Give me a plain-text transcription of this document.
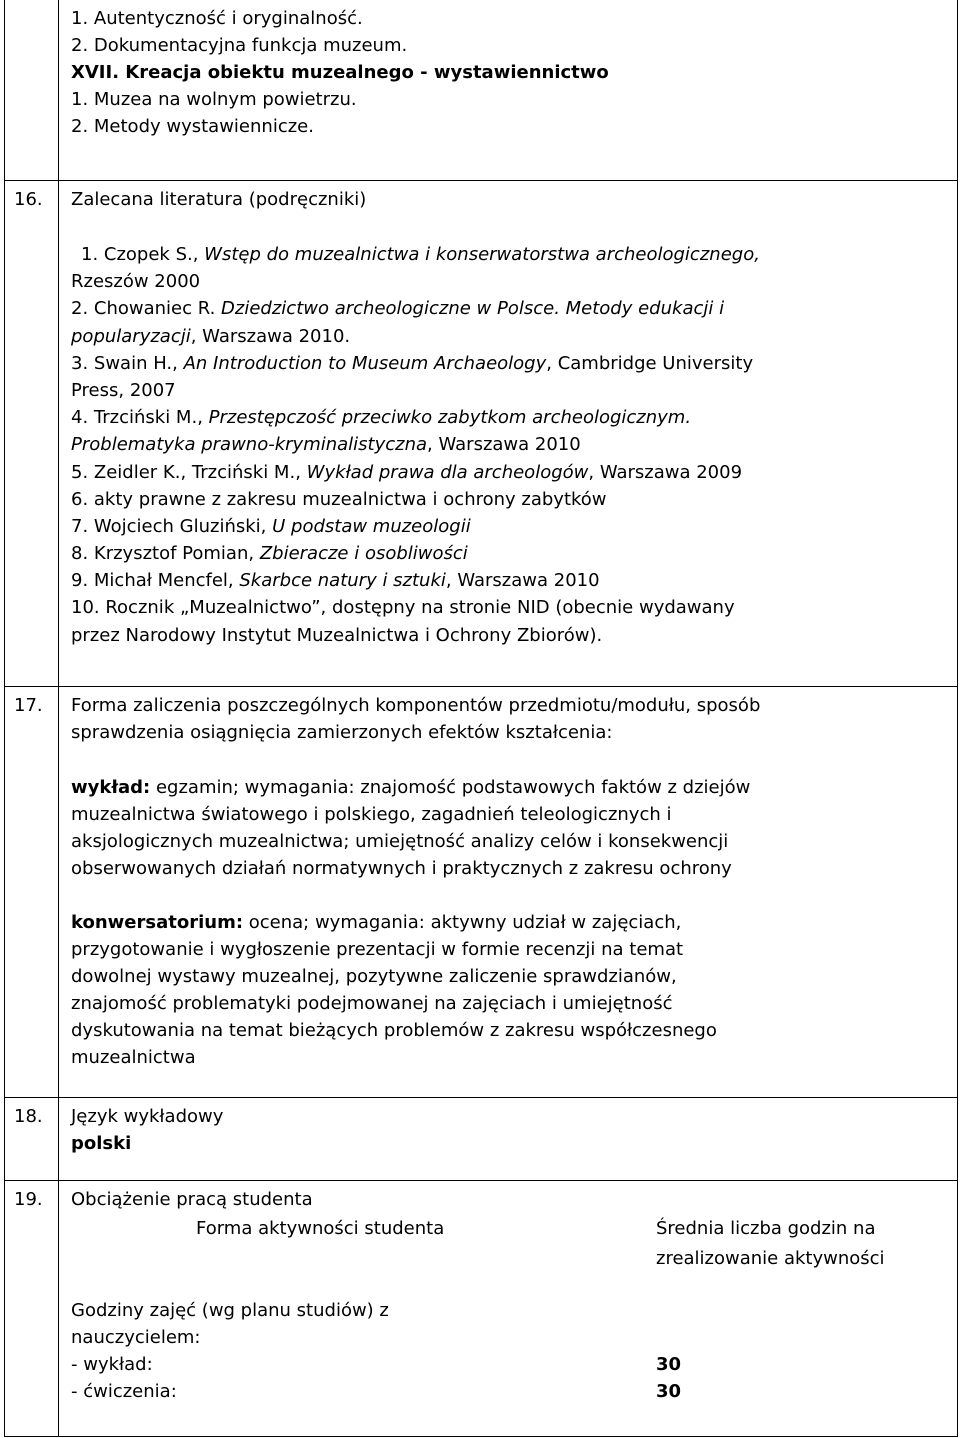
1. Autentyczność i oryginalność.
2. Dokumentacyjna funkcja muzeum.
XVII. Kreacja obiektu muzealnego - wystawiennictwo
1. Muzea na wolnym powietrzu.
2. Metody wystawiennicze.
16. Zalecana literatura (podręczniki)
1. Czopek S., Wstęp do muzealnictwa i konserwatorstwa archeologicznego,
Rzeszów 2000
2. Chowaniec R. Dziedzictwo archeologiczne w Polsce. Metody edukacji i
popularyzacji, Warszawa 2010.
3. Swain H., An Introduction to Museum Archaeology, Cambridge University
Press, 2007
4. Trzciński M., Przestępczość przeciwko zabytkom archeologicznym.
Problematyka prawno-kryminalistyczna, Warszawa 2010
5. Zeidler K., Trzciński M., Wykład prawa dla archeologów, Warszawa 2009
6. akty prawne z zakresu muzealnictwa i ochrony zabytków
7. Wojciech Gluziński, U podstaw muzeologii
8. Krzysztof Pomian, Zbieracze i osobliwości
9. Michał Mencfel, Skarbce natury i sztuki, Warszawa 2010
10. Rocznik „Muzealnictwo”, dostępny na stronie NID (obecnie wydawany
przez Narodowy Instytut Muzealnictwa i Ochrony Zbiorów).
17. Forma zaliczenia poszczególnych komponentów przedmiotu/modułu, sposób
sprawdzenia osiągnięcia zamierzonych efektów kształcenia:
wykład: egzamin; wymagania: znajomość podstawowych faktów z dziejów
muzealnictwa światowego i polskiego, zagadnień teleologicznych i
aksjologicznych muzealnictwa; umiejętność analizy celów i konsekwencji
obserwowanych działań normatywnych i praktycznych z zakresu ochrony
konwersatorium: ocena; wymagania: aktywny udział w zajęciach,
przygotowanie i wygłoszenie prezentacji w formie recenzji na temat
dowolnej wystawy muzealnej, pozytywne zaliczenie sprawdzianów,
znajomość problematyki podejmowanej na zajęciach i umiejętność
dyskutowania na temat bieżących problemów z zakresu współczesnego
muzealnictwa
18. Język wykładowy
polski
19. Obciążenie pracą studenta
Forma aktywności studenta	Średnia liczba godzin na
zrealizowanie aktywności
Godziny zajęć (wg planu studiów) z
nauczycielem:
- wykład:
- ćwiczenia:
30
30
